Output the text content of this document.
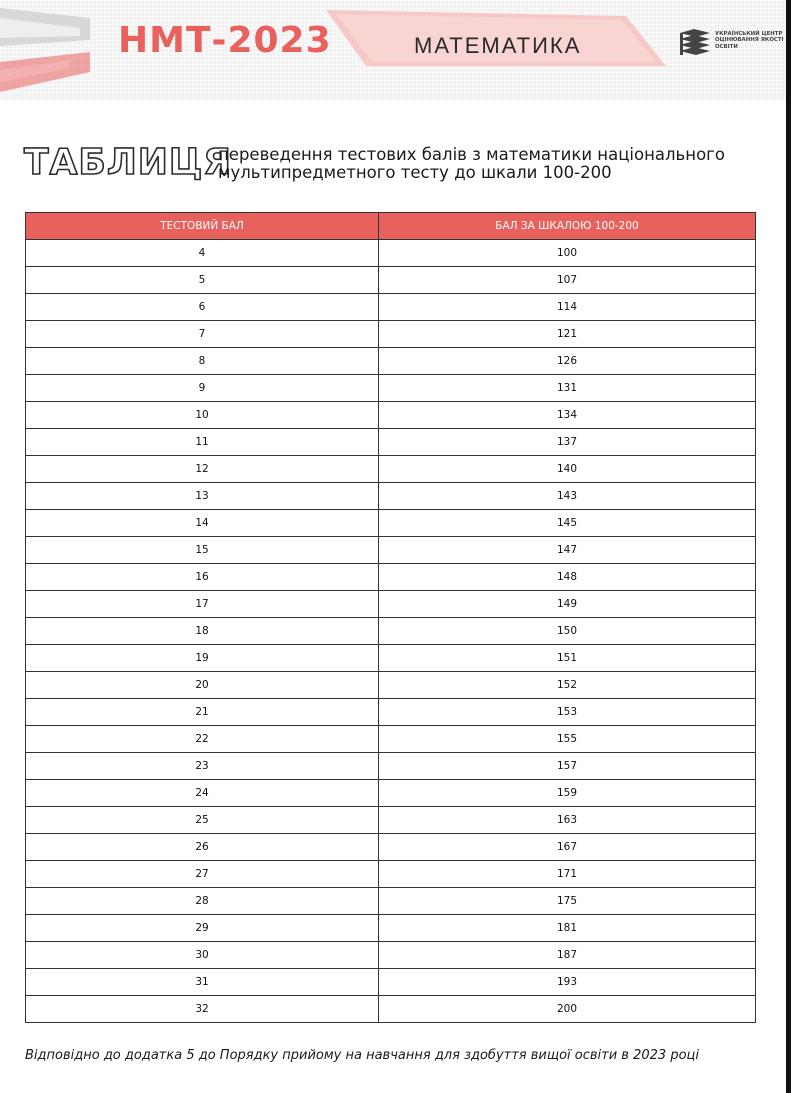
НМТ-2023	МАТЕМАТИКА	УКРАЇНСЬКИЙ ЦЕНТР ОЦІНЮВАННЯ ЯКОСТІ ОСВІТИ
ТАБЛИЦЯ
переведення тестових балів з математики національного мультипредметного тесту до шкали 100-200
ТЕСТОВИЙ БАЛ	БАЛ ЗА ШКАЛОЮ 100-200
4	100
5	107
6	114
7	121
8	126
9	131
10	134
11	137
12	140
13	143
14	145
15	147
16	148
17	149
18	150
19	151
20	152
21	153
22	155
23	157
24	159
25	163
26	167
27	171
28	175
29	181
30	187
31	193
32	200
Відповідно до додатка 5 до Порядку прийому на навчання для здобуття вищої освіти в 2023 році
